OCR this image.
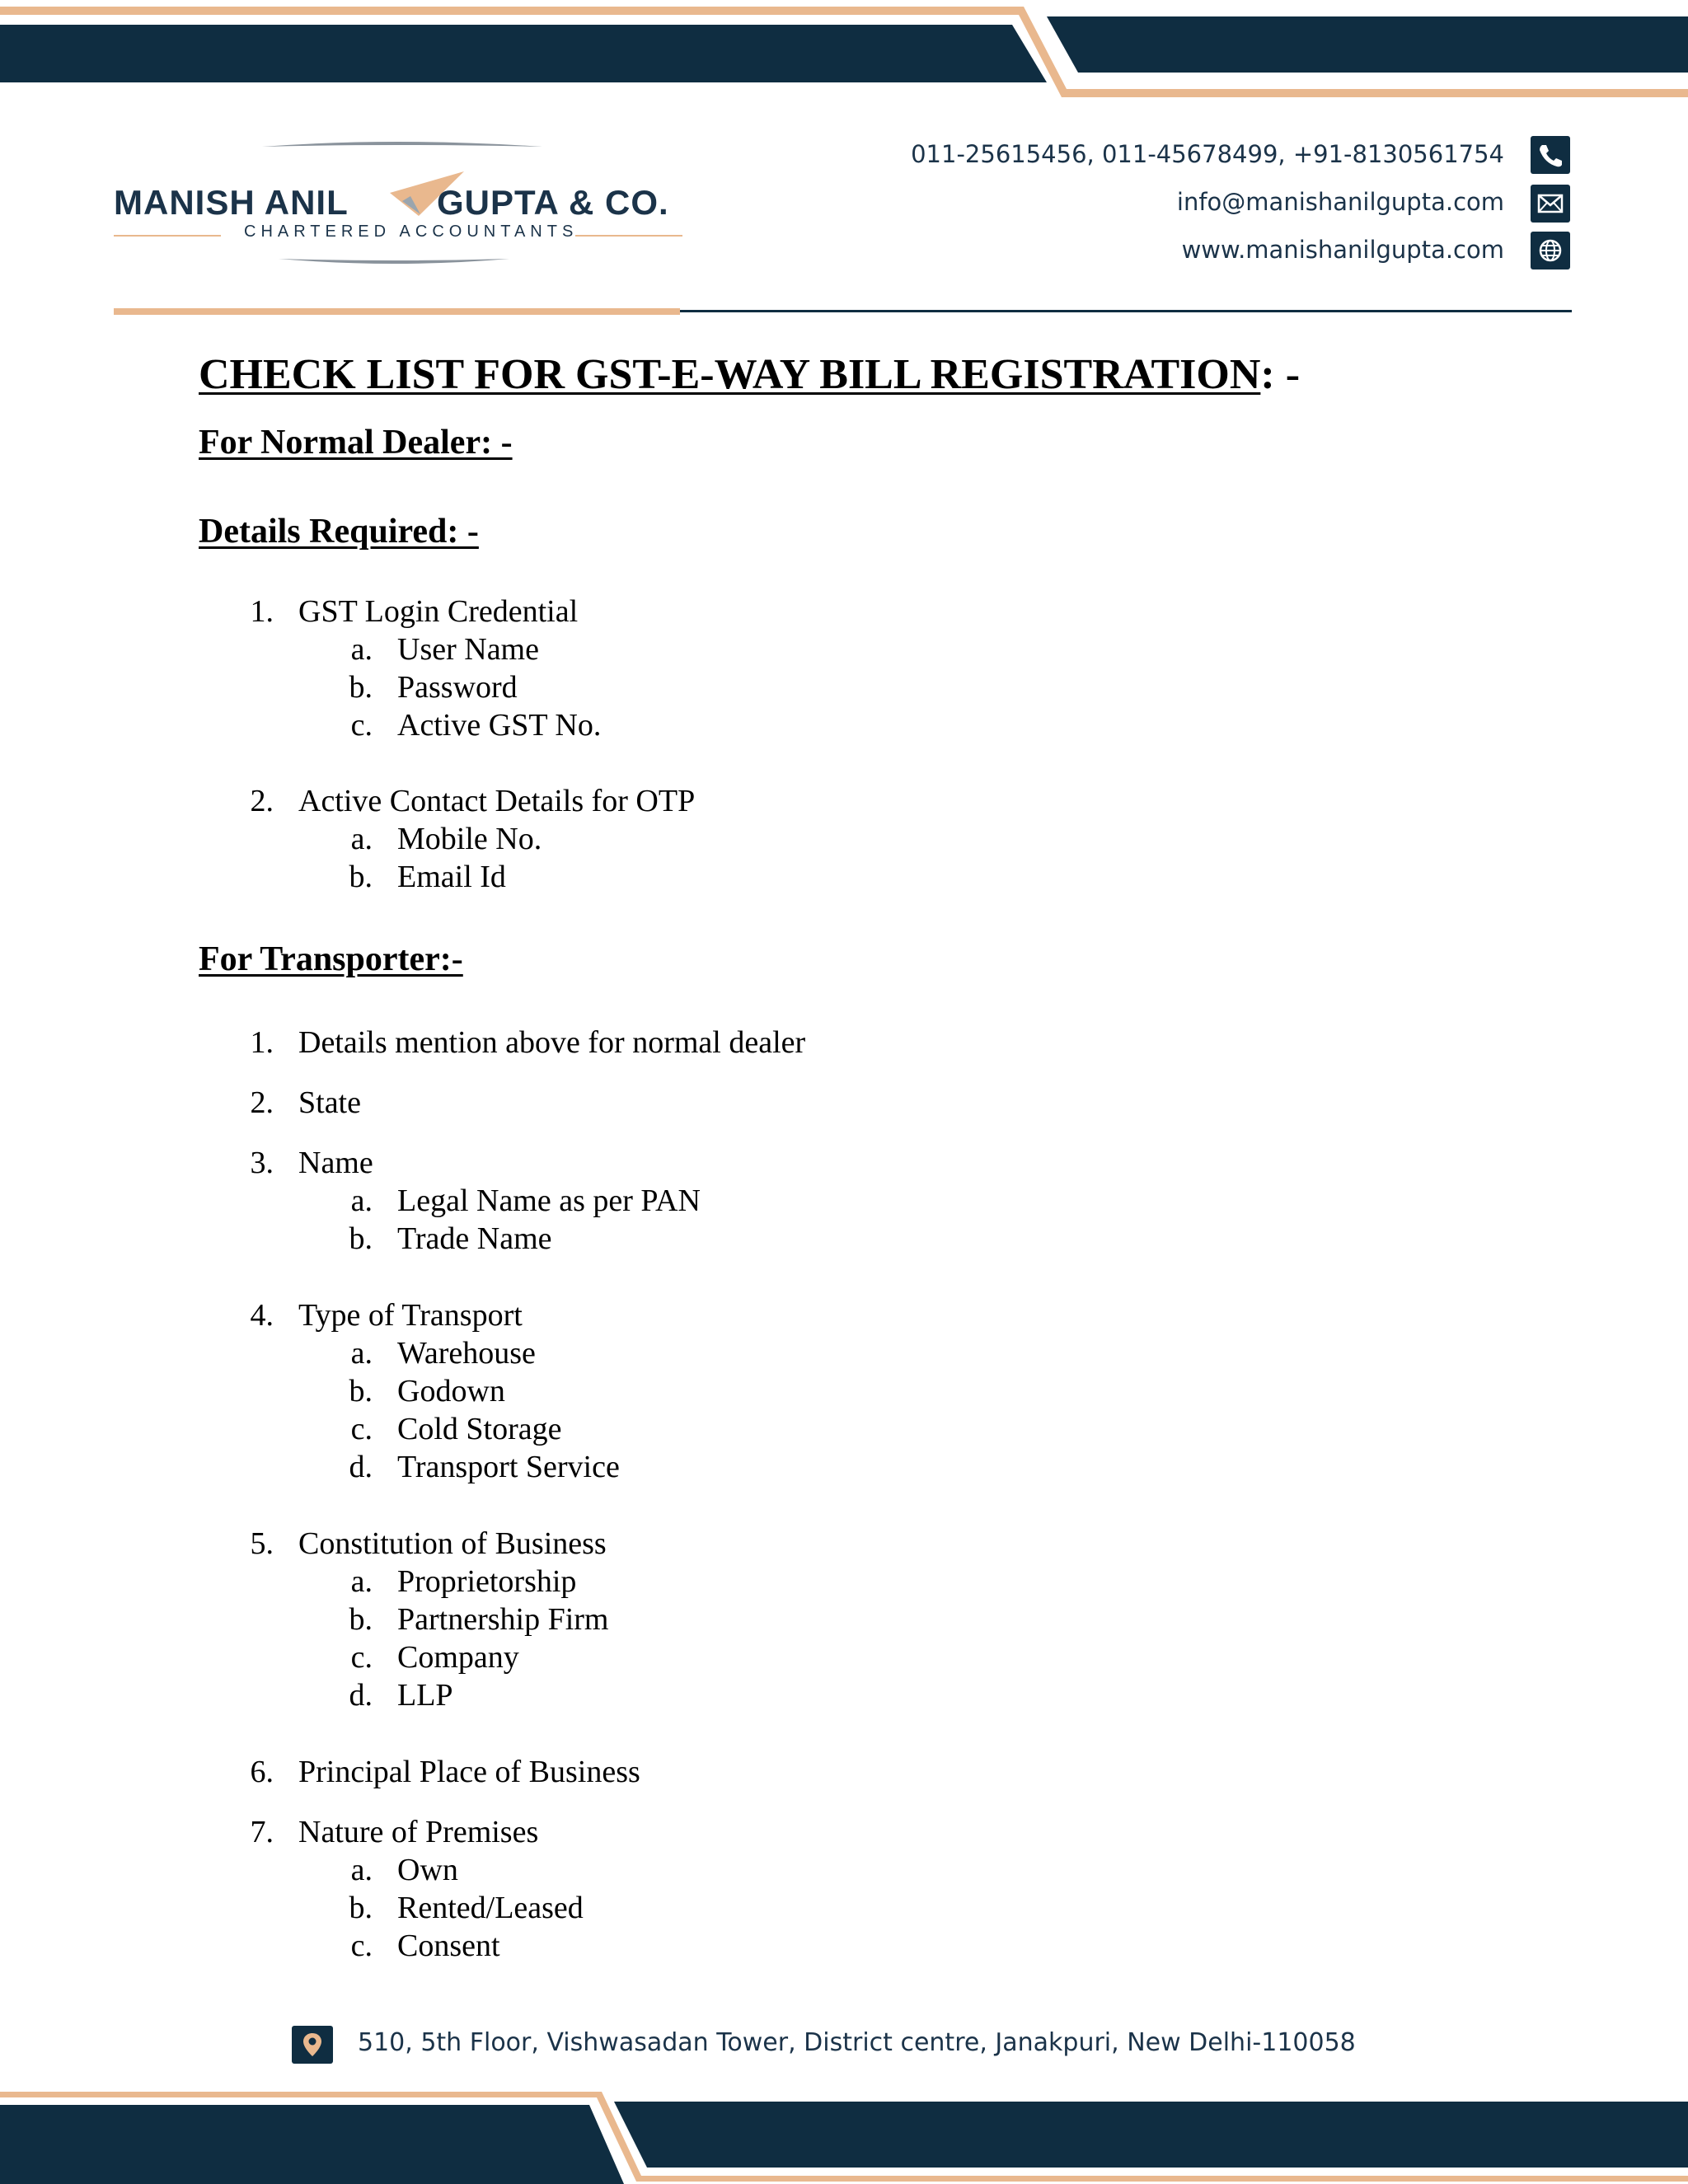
MANISH ANIL	GUPTA & CO.
CHARTERED ACCOUNTANTS
011-25615456, 011-45678499, +91-8130561754
info@manishanilgupta.com
www.manishanilgupta.com
CHECK LIST FOR GST-E-WAY BILL REGISTRATION: -
For Normal Dealer: -
Details Required: -
1. GST Login Credential
a. User Name
b. Password
c. Active GST No.
2. Active Contact Details for OTP
a. Mobile No.
b. Email Id
For Transporter:-
1. Details mention above for normal dealer
2. State
3. Name
a. Legal Name as per PAN
b. Trade Name
4. Type of Transport
a. Warehouse
b. Godown
c. Cold Storage
d. Transport Service
5. Constitution of Business
a. Proprietorship
b. Partnership Firm
c. Company
d. LLP
6. Principal Place of Business
7. Nature of Premises
a. Own
b. Rented/Leased
c. Consent
510, 5th Floor, Vishwasadan Tower, District centre, Janakpuri, New Delhi-110058
